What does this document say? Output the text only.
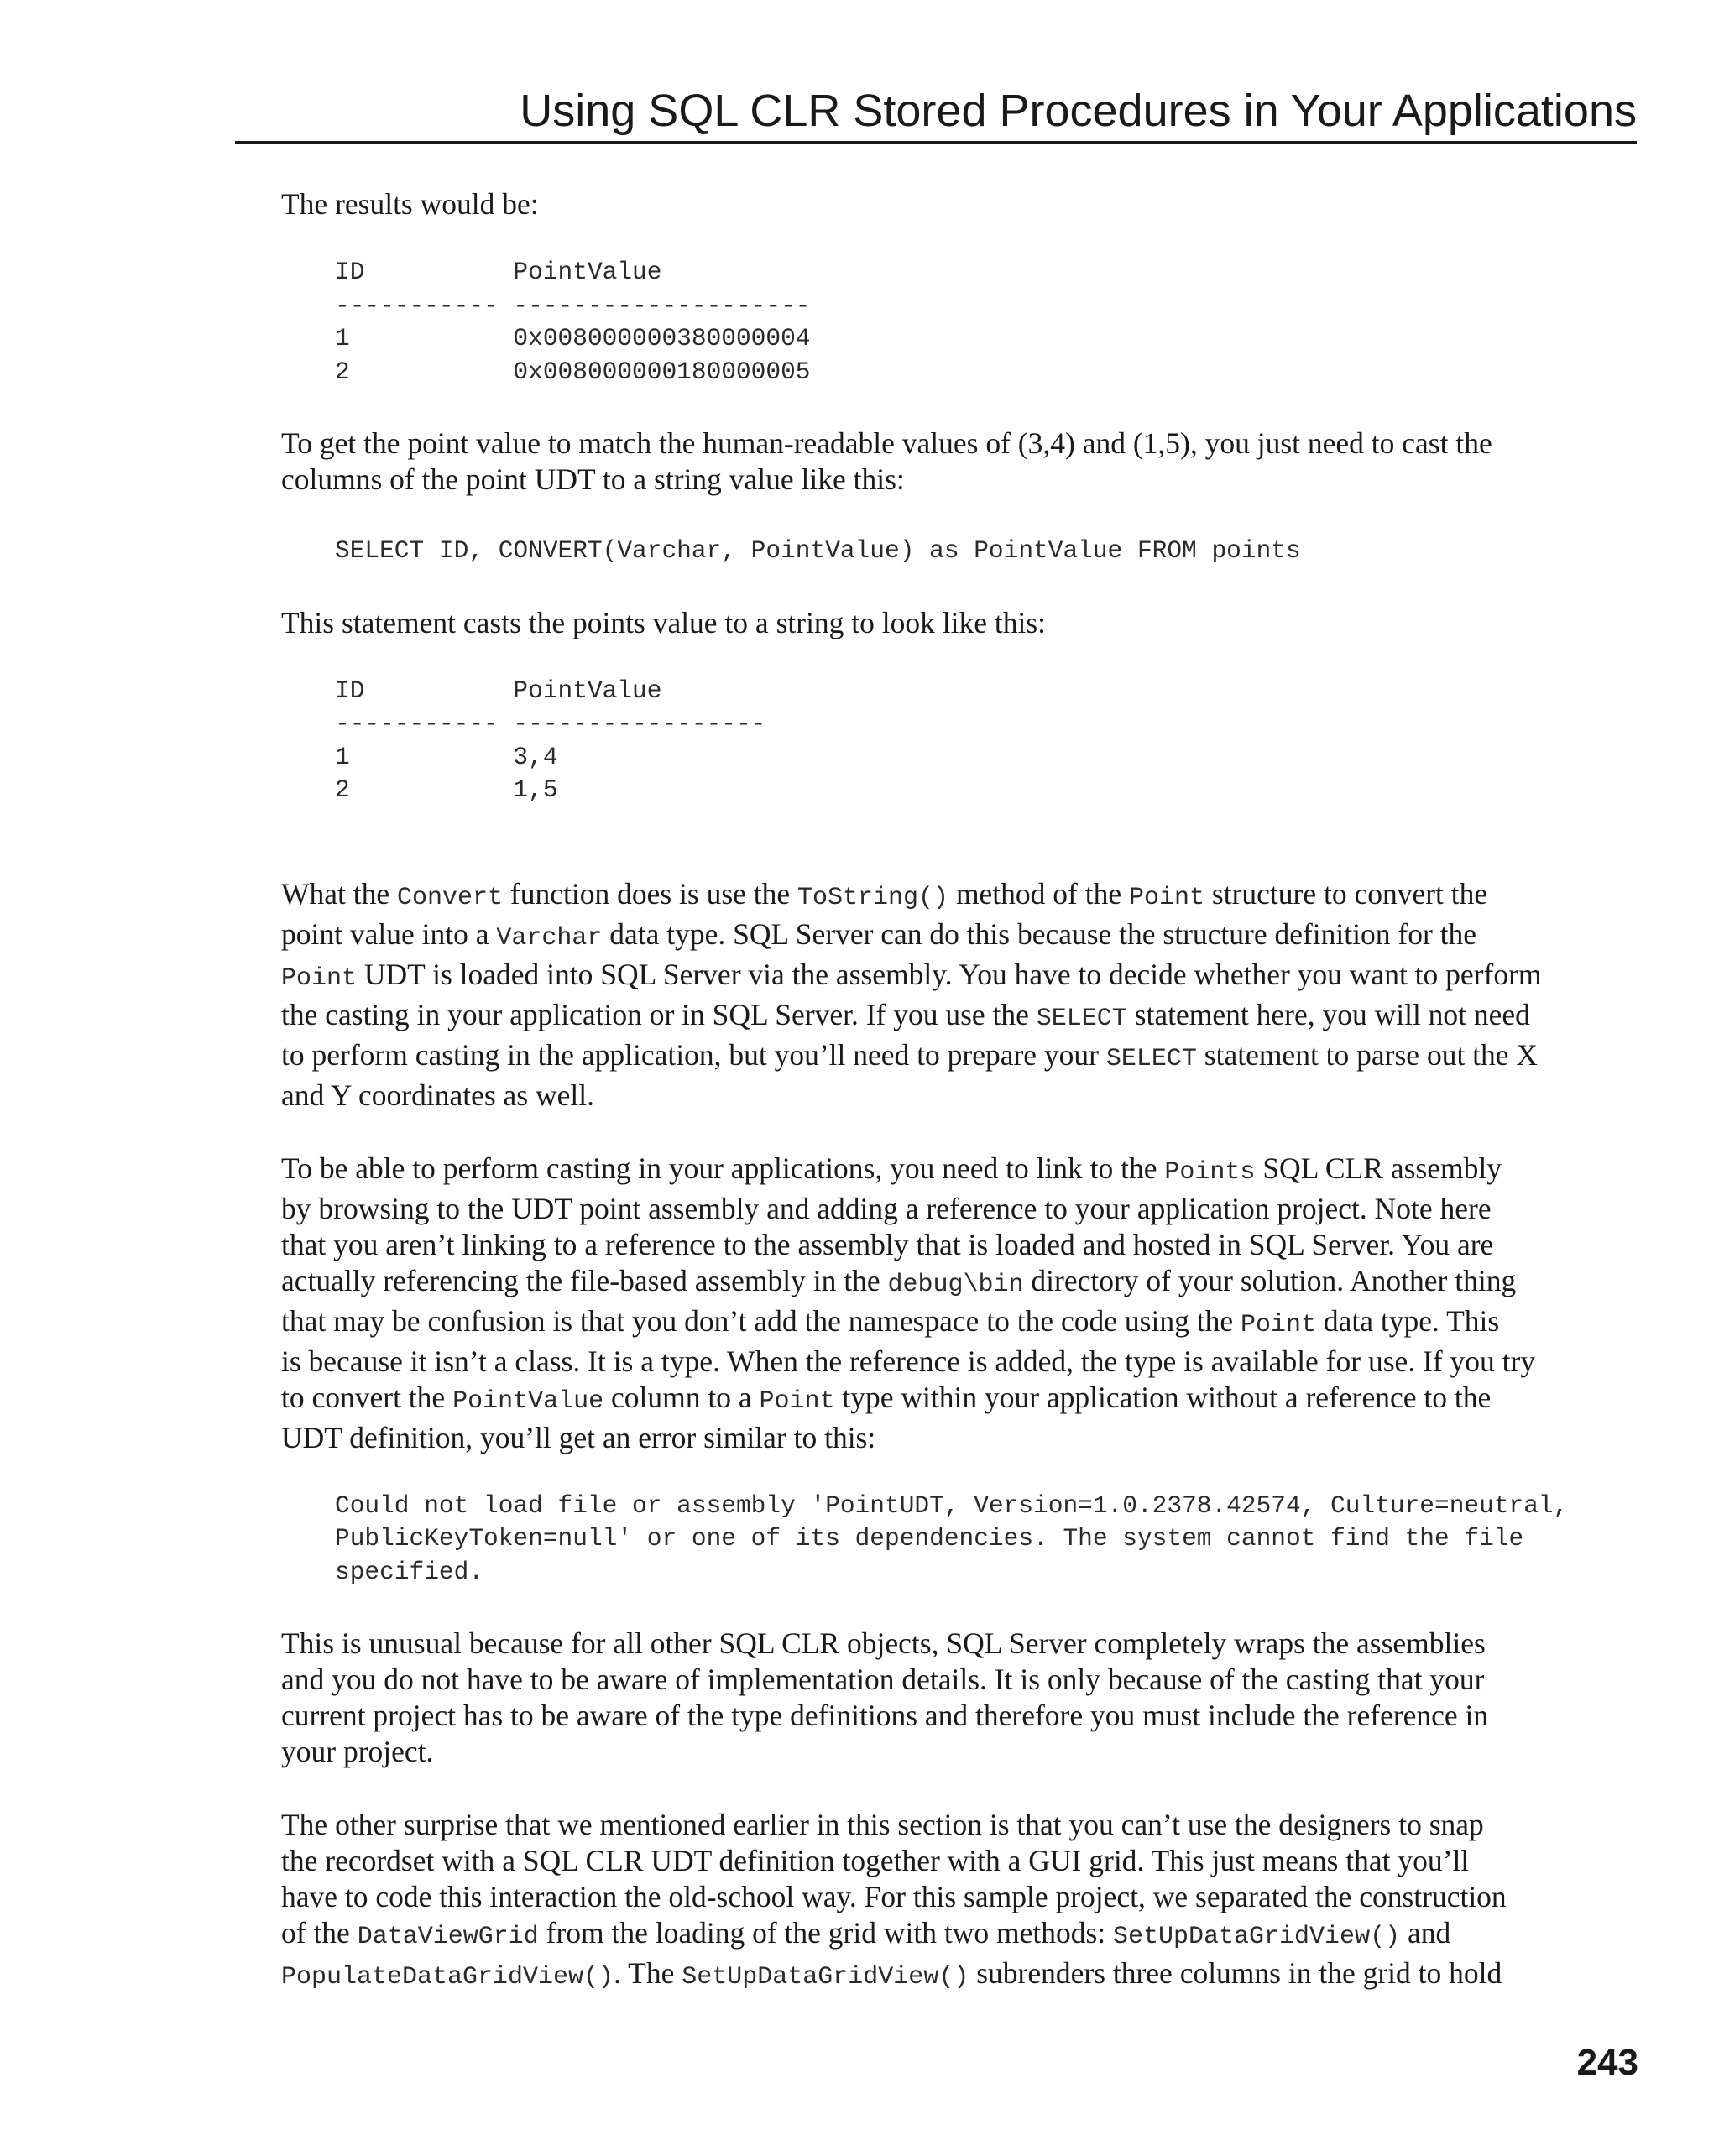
Using SQL CLR Stored Procedures in Your Applications
The results would be:
ID          PointValue
----------- --------------------
1           0x008000000380000004
2           0x008000000180000005
To get the point value to match the human-readable values of (3,4) and (1,5), you just need to cast the
columns of the point UDT to a string value like this:
SELECT ID, CONVERT(Varchar, PointValue) as PointValue FROM points
This statement casts the points value to a string to look like this:
ID          PointValue
----------- -----------------
1           3,4
2           1,5
What the Convert function does is use the ToString() method of the Point structure to convert the
point value into a Varchar data type. SQL Server can do this because the structure definition for the
Point UDT is loaded into SQL Server via the assembly. You have to decide whether you want to perform
the casting in your application or in SQL Server. If you use the SELECT statement here, you will not need
to perform casting in the application, but you’ll need to prepare your SELECT statement to parse out the X
and Y coordinates as well.
To be able to perform casting in your applications, you need to link to the Points SQL CLR assembly
by browsing to the UDT point assembly and adding a reference to your application project. Note here
that you aren’t linking to a reference to the assembly that is loaded and hosted in SQL Server. You are
actually referencing the file-based assembly in the debug\bin directory of your solution. Another thing
that may be confusion is that you don’t add the namespace to the code using the Point data type. This
is because it isn’t a class. It is a type. When the reference is added, the type is available for use. If you try
to convert the PointValue column to a Point type within your application without a reference to the
UDT definition, you’ll get an error similar to this:
Could not load file or assembly 'PointUDT, Version=1.0.2378.42574, Culture=neutral,
PublicKeyToken=null' or one of its dependencies. The system cannot find the file
specified.
This is unusual because for all other SQL CLR objects, SQL Server completely wraps the assemblies
and you do not have to be aware of implementation details. It is only because of the casting that your
current project has to be aware of the type definitions and therefore you must include the reference in
your project.
The other surprise that we mentioned earlier in this section is that you can’t use the designers to snap
the recordset with a SQL CLR UDT definition together with a GUI grid. This just means that you’ll
have to code this interaction the old-school way. For this sample project, we separated the construction
of the DataViewGrid from the loading of the grid with two methods: SetUpDataGridView() and
PopulateDataGridView(). The SetUpDataGridView() subrenders three columns in the grid to hold
243
